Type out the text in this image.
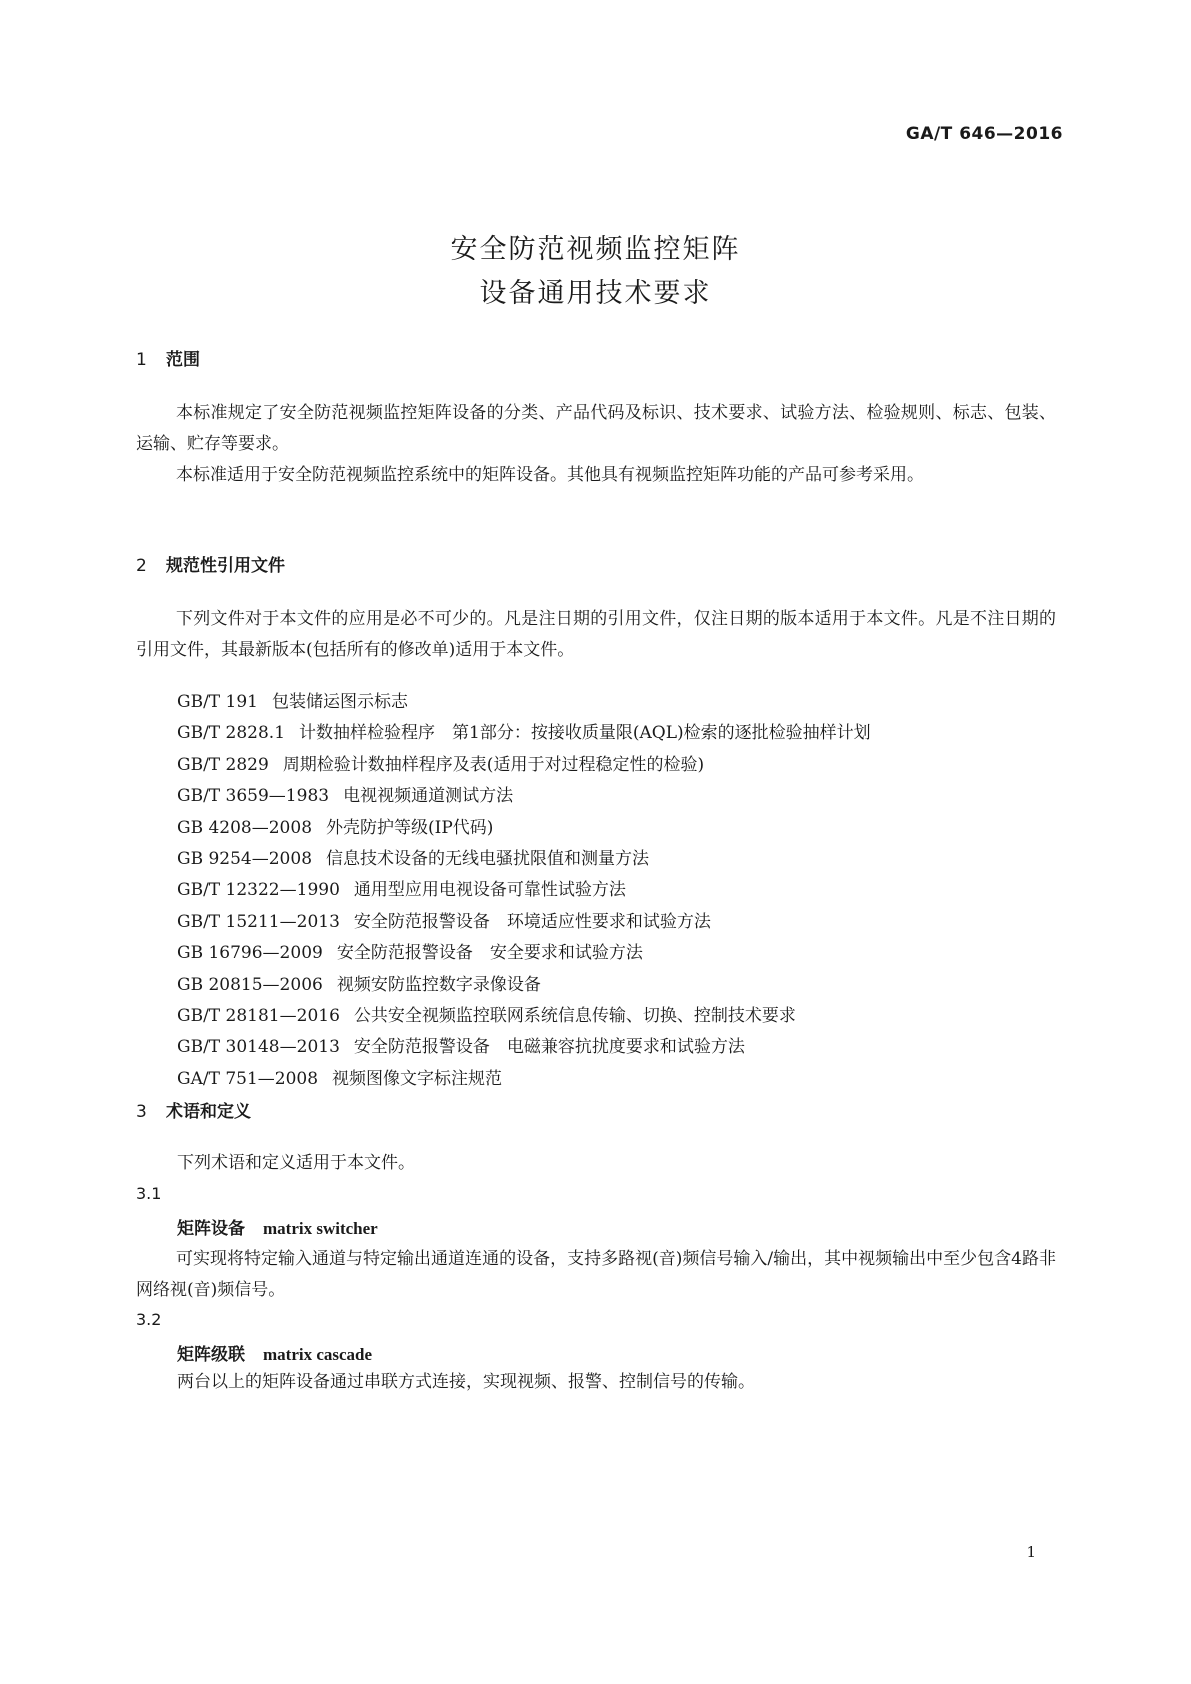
GA/T 646—2016
安全防范视频监控矩阵
设备通用技术要求
1 范围
本标准规定了安全防范视频监控矩阵设备的分类、产品代码及标识、技术要求、试验方法、检验规则、标志、包装、运输、贮存等要求。
本标准适用于安全防范视频监控系统中的矩阵设备。其他具有视频监控矩阵功能的产品可参考采用。
2 规范性引用文件
下列文件对于本文件的应用是必不可少的。凡是注日期的引用文件，仅注日期的版本适用于本文件。凡是不注日期的引用文件，其最新版本(包括所有的修改单)适用于本文件。
GB/T 191 包装储运图示标志
GB/T 2828.1 计数抽样检验程序　第1部分：按接收质量限(AQL)检索的逐批检验抽样计划
GB/T 2829 周期检验计数抽样程序及表(适用于对过程稳定性的检验)
GB/T 3659—1983 电视视频通道测试方法
GB 4208—2008 外壳防护等级(IP代码)
GB 9254—2008 信息技术设备的无线电骚扰限值和测量方法
GB/T 12322—1990 通用型应用电视设备可靠性试验方法
GB/T 15211—2013 安全防范报警设备　环境适应性要求和试验方法
GB 16796—2009 安全防范报警设备　安全要求和试验方法
GB 20815—2006 视频安防监控数字录像设备
GB/T 28181—2016 公共安全视频监控联网系统信息传输、切换、控制技术要求
GB/T 30148—2013 安全防范报警设备　电磁兼容抗扰度要求和试验方法
GA/T 751—2008 视频图像文字标注规范
3 术语和定义
下列术语和定义适用于本文件。
3.1
矩阵设备 matrix switcher
可实现将特定输入通道与特定输出通道连通的设备，支持多路视(音)频信号输入/输出，其中视频输出中至少包含4路非网络视(音)频信号。
3.2
矩阵级联 matrix cascade
两台以上的矩阵设备通过串联方式连接，实现视频、报警、控制信号的传输。
1
